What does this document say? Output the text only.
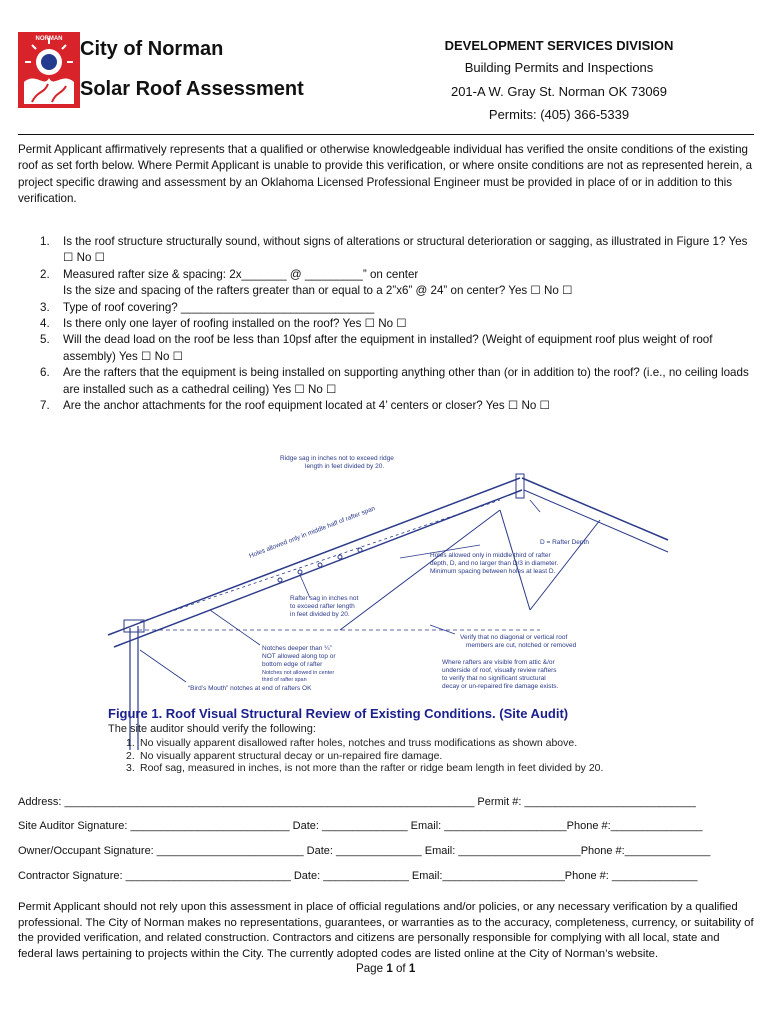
NORMAN City of Norman
Solar Roof Assessment
DEVELOPMENT SERVICES DIVISION
Building Permits and Inspections
201-A W. Gray St. Norman OK 73069
Permits: (405) 366-5339
Permit Applicant affirmatively represents that a qualified or otherwise knowledgeable individual has verified the onsite conditions of the existing roof as set forth below. Where Permit Applicant is unable to provide this verification, or where onsite conditions are not as represented herein, a project specific drawing and assessment by an Oklahoma Licensed Professional Engineer must be provided in place of or in addition to this verification.
1. Is the roof structure structurally sound, without signs of alterations or structural deterioration or sagging, as illustrated in Figure 1? Yes ☐ No ☐
2. Measured rafter size & spacing: 2x_______ @ _________” on center
Is the size and spacing of the rafters greater than or equal to a 2”x6” @ 24” on center? Yes ☐ No ☐
3. Type of roof covering? ______________________________
4. Is there only one layer of roofing installed on the roof? Yes ☐ No ☐
5. Will the dead load on the roof be less than 10psf after the equipment in installed? (Weight of equipment roof plus weight of roof assembly) Yes ☐ No ☐
6. Are the rafters that the equipment is being installed on supporting anything other than (or in addition to) the roof? (i.e., no ceiling loads are installed such as a cathedral ceiling) Yes ☐ No ☐
7. Are the anchor attachments for the roof equipment located at 4’ centers or closer? Yes ☐ No ☐
Ridge sag in inches not to exceed ridge
length in feet divided by 20.
Holes allowed only in middle half of rafter span	D = Rafter Depth
Holes allowed only in middle third of rafter
depth, D, and no larger than D/3 in diameter.
Minimum spacing between holes at least D.
Rafter sag in inches not
to exceed rafter length
in feet divided by 20.
Verify that no diagonal or vertical roof
members are cut, notched or removed
Notches deeper than ¼”
NOT allowed along top or
bottom edge of rafter
Notches not allowed in center
third of rafter span
“Bird’s Mouth” notches at end of rafters OK
Where rafters are visible from attic &/or
underside of roof, visually review rafters
to verify that no significant structural
decay or un-repaired fire damage exists.
Figure 1. Roof Visual Structural Review of Existing Conditions. (Site Audit)
The site auditor should verify the following:
1. No visually apparent disallowed rafter holes, notches and truss modifications as shown above.
2. No visually apparent structural decay or un-repaired fire damage.
3. Roof sag, measured in inches, is not more than the rafter or ridge beam length in feet divided by 20.
Address: ___________________________________________________________________ Permit #: ____________________________
Site Auditor Signature: __________________________ Date: ______________ Email: ____________________Phone #:_______________
Owner/Occupant Signature: ________________________ Date: ______________ Email: ____________________Phone #:______________
Contractor Signature: ___________________________ Date: ______________ Email:____________________Phone #: ______________
Permit Applicant should not rely upon this assessment in place of official regulations and/or policies, or any necessary verification by a qualified professional. The City of Norman makes no representations, guarantees, or warranties as to the accuracy, completeness, currency, or suitability of the provided verification, and related construction. Contractors and citizens are personally responsible for complying with all local, state and federal laws pertaining to projects within the City. The currently adopted codes are listed online at the City of Norman’s website.
Page 1 of 1
